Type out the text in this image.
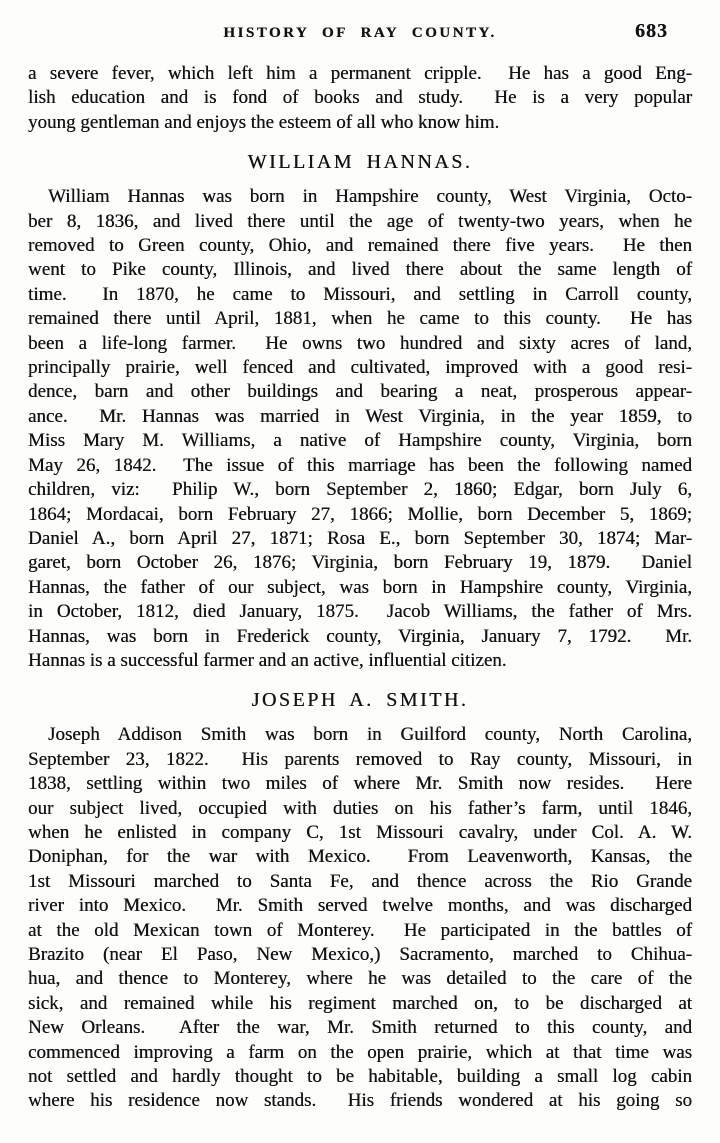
HISTORY OF RAY COUNTY.	683
a severe fever, which left him a permanent cripple.  He has a good Eng-
lish education and is fond of books and study.  He is a very popular
young gentleman and enjoys the esteem of all who know him.
WILLIAM HANNAS.
William Hannas was born in Hampshire county, West Virginia, Octo-
ber 8, 1836, and lived there until the age of twenty-two years, when he
removed to Green county, Ohio, and remained there five years.  He then
went to Pike county, Illinois, and lived there about the same length of
time.  In 1870, he came to Missouri, and settling in Carroll county,
remained there until April, 1881, when he came to this county.  He has
been a life-long farmer.  He owns two hundred and sixty acres of land,
principally prairie, well fenced and cultivated, improved with a good resi-
dence, barn and other buildings and bearing a neat, prosperous appear-
ance.  Mr. Hannas was married in West Virginia, in the year 1859, to
Miss Mary M. Williams, a native of Hampshire county, Virginia, born
May 26, 1842.  The issue of this marriage has been the following named
children, viz:  Philip W., born September 2, 1860; Edgar, born July 6,
1864; Mordacai, born February 27, 1866; Mollie, born December 5, 1869;
Daniel A., born April 27, 1871; Rosa E., born September 30, 1874; Mar-
garet, born October 26, 1876; Virginia, born February 19, 1879.  Daniel
Hannas, the father of our subject, was born in Hampshire county, Virginia,
in October, 1812, died January, 1875.  Jacob Williams, the father of Mrs.
Hannas, was born in Frederick county, Virginia, January 7, 1792.  Mr.
Hannas is a successful farmer and an active, influential citizen.
JOSEPH A. SMITH.
Joseph Addison Smith was born in Guilford county, North Carolina,
September 23, 1822.  His parents removed to Ray county, Missouri, in
1838, settling within two miles of where Mr. Smith now resides.  Here
our subject lived, occupied with duties on his father’s farm, until 1846,
when he enlisted in company C, 1st Missouri cavalry, under Col. A. W.
Doniphan, for the war with Mexico.  From Leavenworth, Kansas, the
1st Missouri marched to Santa Fe, and thence across the Rio Grande
river into Mexico.  Mr. Smith served twelve months, and was discharged
at the old Mexican town of Monterey.  He participated in the battles of
Brazito (near El Paso, New Mexico,) Sacramento, marched to Chihua-
hua, and thence to Monterey, where he was detailed to the care of the
sick, and remained while his regiment marched on, to be discharged at
New Orleans.  After the war, Mr. Smith returned to this county, and
commenced improving a farm on the open prairie, which at that time was
not settled and hardly thought to be habitable, building a small log cabin
where his residence now stands.  His friends wondered at his going so
